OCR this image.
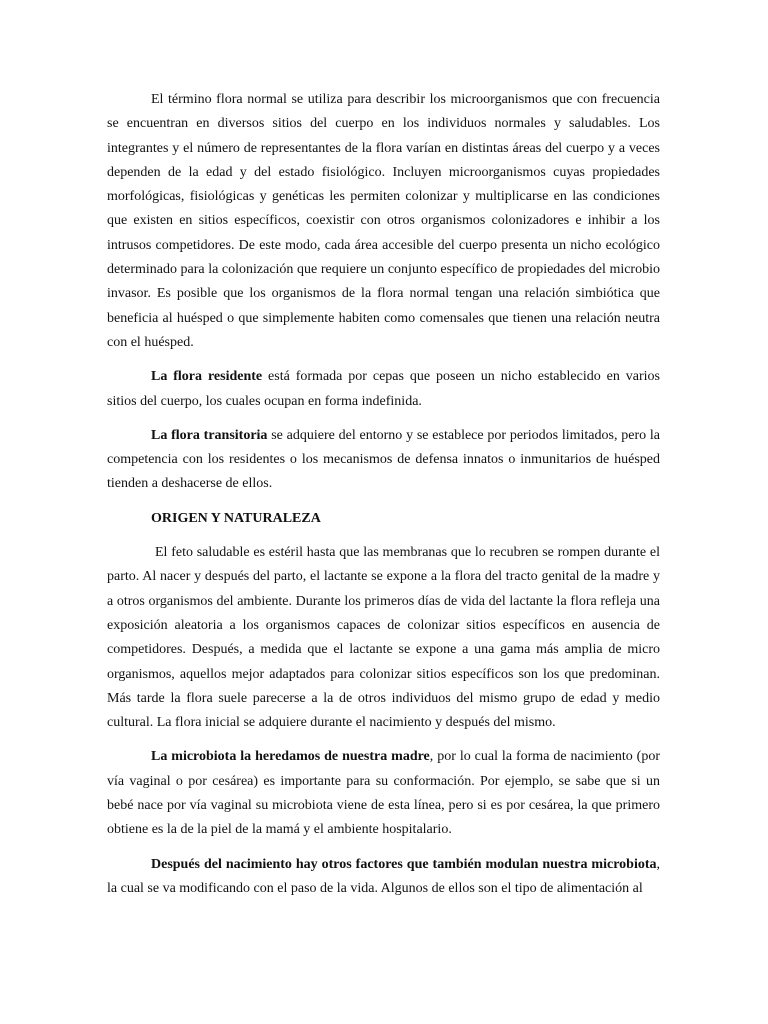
El término flora normal se utiliza para describir los microorganismos que con frecuencia se encuentran en diversos sitios del cuerpo en los individuos normales y saludables. Los integrantes y el número de representantes de la flora varían en distintas áreas del cuerpo y a veces dependen de la edad y del estado fisiológico. Incluyen microorganismos cuyas propiedades morfológicas, fisiológicas y genéticas les permiten colonizar y multiplicarse en las condiciones que existen en sitios específicos, coexistir con otros organismos colonizadores e inhibir a los intrusos competidores. De este modo, cada área accesible del cuerpo presenta un nicho ecológico determinado para la colonización que requiere un conjunto específico de propiedades del microbio invasor. Es posible que los organismos de la flora normal tengan una relación simbiótica que beneficia al huésped o que simplemente habiten como comensales que tienen una relación neutra con el huésped.

La flora residente está formada por cepas que poseen un nicho establecido en varios sitios del cuerpo, los cuales ocupan en forma indefinida.

La flora transitoria se adquiere del entorno y se establece por periodos limitados, pero la competencia con los residentes o los mecanismos de defensa innatos o inmunitarios de huésped tienden a deshacerse de ellos.

ORIGEN Y NATURALEZA

El feto saludable es estéril hasta que las membranas que lo recubren se rompen durante el parto. Al nacer y después del parto, el lactante se expone a la flora del tracto genital de la madre y a otros organismos del ambiente. Durante los primeros días de vida del lactante la flora refleja una exposición aleatoria a los organismos capaces de colonizar sitios específicos en ausencia de competidores. Después, a medida que el lactante se expone a una gama más amplia de micro organismos, aquellos mejor adaptados para colonizar sitios específicos son los que predominan. Más tarde la flora suele parecerse a la de otros individuos del mismo grupo de edad y medio cultural. La flora inicial se adquiere durante el nacimiento y después del mismo.

La microbiota la heredamos de nuestra madre, por lo cual la forma de nacimiento (por vía vaginal o por cesárea) es importante para su conformación. Por ejemplo, se sabe que si un bebé nace por vía vaginal su microbiota viene de esta línea, pero si es por cesárea, la que primero obtiene es la de la piel de la mamá y el ambiente hospitalario.

Después del nacimiento hay otros factores que también modulan nuestra microbiota, la cual se va modificando con el paso de la vida. Algunos de ellos son el tipo de alimentación al
